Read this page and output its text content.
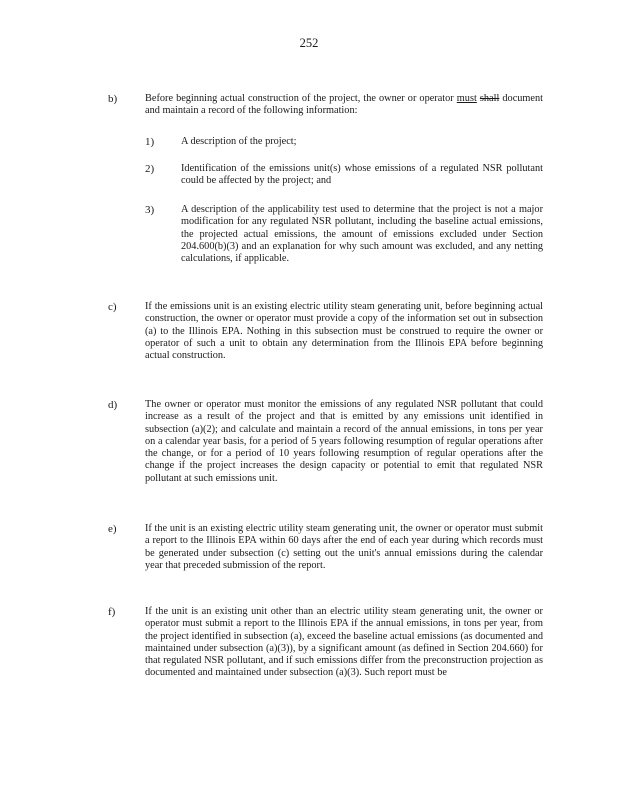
252
b)	Before beginning actual construction of the project, the owner or operator must shall document and maintain a record of the following information:
1)	A description of the project;
2)	Identification of the emissions unit(s) whose emissions of a regulated NSR pollutant could be affected by the project; and
3)	A description of the applicability test used to determine that the project is not a major modification for any regulated NSR pollutant, including the baseline actual emissions, the projected actual emissions, the amount of emissions excluded under Section 204.600(b)(3) and an explanation for why such amount was excluded, and any netting calculations, if applicable.
c)	If the emissions unit is an existing electric utility steam generating unit, before beginning actual construction, the owner or operator must provide a copy of the information set out in subsection (a) to the Illinois EPA. Nothing in this subsection must be construed to require the owner or operator of such a unit to obtain any determination from the Illinois EPA before beginning actual construction.
d)	The owner or operator must monitor the emissions of any regulated NSR pollutant that could increase as a result of the project and that is emitted by any emissions unit identified in subsection (a)(2); and calculate and maintain a record of the annual emissions, in tons per year on a calendar year basis, for a period of 5 years following resumption of regular operations after the change, or for a period of 10 years following resumption of regular operations after the change if the project increases the design capacity or potential to emit that regulated NSR pollutant at such emissions unit.
e)	If the unit is an existing electric utility steam generating unit, the owner or operator must submit a report to the Illinois EPA within 60 days after the end of each year during which records must be generated under subsection (c) setting out the unit's annual emissions during the calendar year that preceded submission of the report.
f)	If the unit is an existing unit other than an electric utility steam generating unit, the owner or operator must submit a report to the Illinois EPA if the annual emissions, in tons per year, from the project identified in subsection (a), exceed the baseline actual emissions (as documented and maintained under subsection (a)(3)), by a significant amount (as defined in Section 204.660) for that regulated NSR pollutant, and if such emissions differ from the preconstruction projection as documented and maintained under subsection (a)(3). Such report must be
